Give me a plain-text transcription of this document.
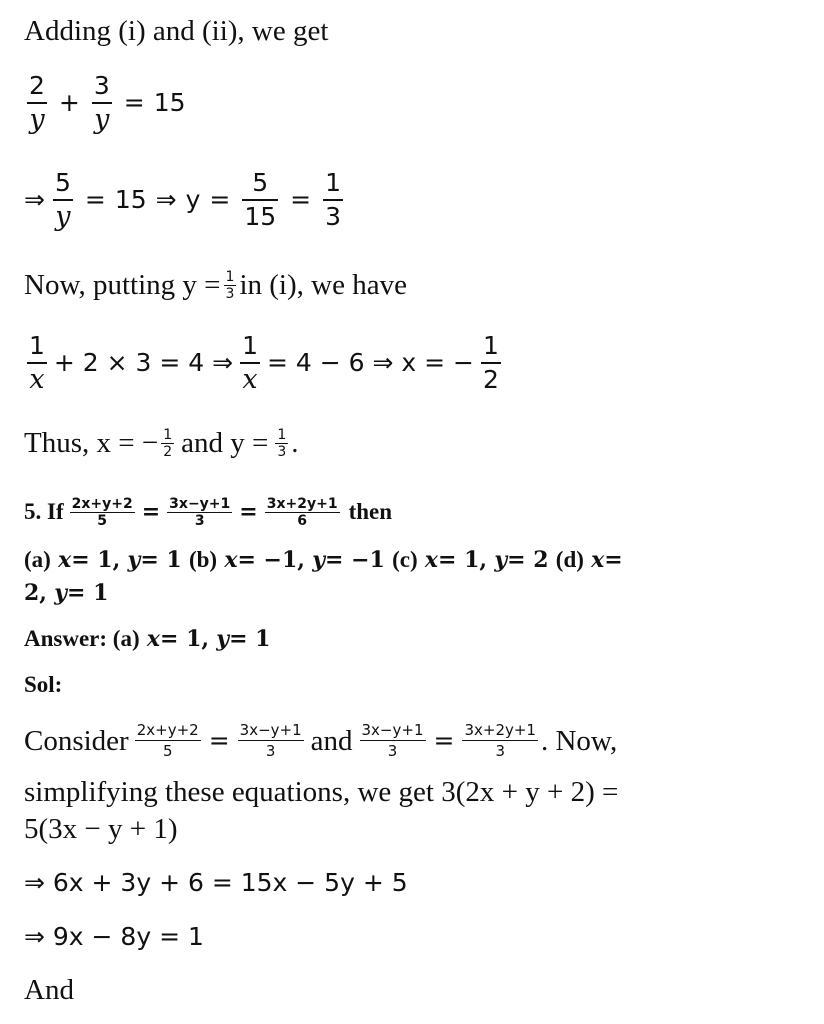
Adding (i) and (ii), we get
2
y
+
3
y
= 15
⇒
5
y
= 15 ⇒ y =
5
15
=
1
3
Now, putting y = 1
3 in (i), we have
1
x
+ 2 × 3 = 4 ⇒
1
x
= 4 − 6 ⇒ x = −
1
2
Thus, x = − 1
2 and y = 1
3 .
5. If 2x+y+2
5 = 3x−y+1
3 = 3x+2y+1
6 then
(a)
x = 1,
y = 1
(b)
x = −1,
y = −1
(c)
x = 1,
y = 2
(d)
x =
2,
y = 1
Answer: (a)
x = 1,
y = 1
Sol:
Consider 2x+y+2
5 = 3x−y+1
3 and 3x−y+1
3 = 3x+2y+1
3 . Now,
simplifying these equations, we get 3(2x + y + 2) =
5(3x − y + 1)
⇒ 6x + 3y + 6 = 15x − 5y + 5
⇒ 9x − 8y = 1
And
